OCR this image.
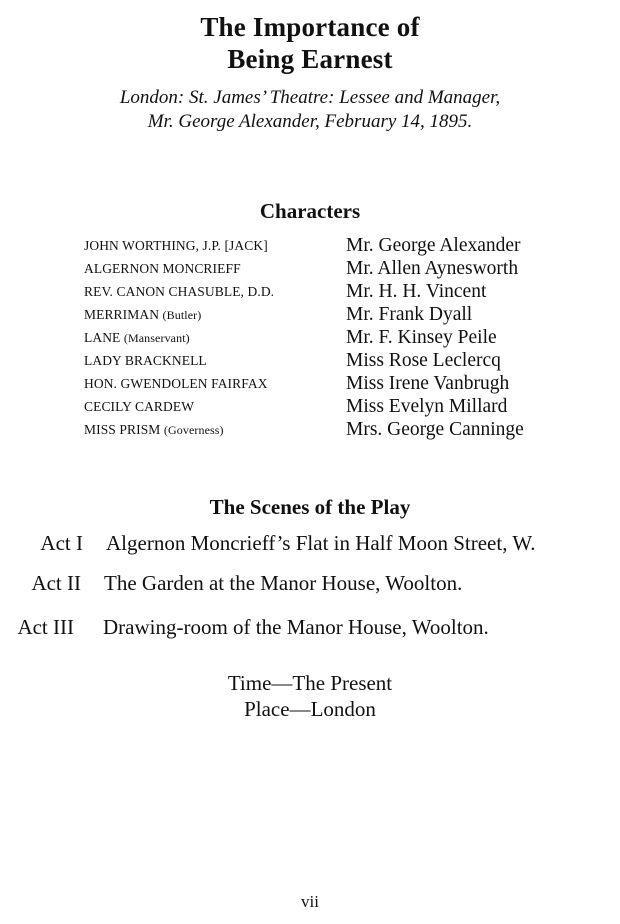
The Importance of
Being Earnest
London: St. James’ Theatre: Lessee and Manager,
Mr. George Alexander, February 14, 1895.
Characters
JOHN WORTHING, J.P. [JACK]	Mr. George Alexander
ALGERNON MONCRIEFF	Mr. Allen Aynesworth
REV. CANON CHASUBLE, D.D.	Mr. H. H. Vincent
MERRIMAN (Butler)	Mr. Frank Dyall
LANE (Manservant)	Mr. F. Kinsey Peile
LADY BRACKNELL	Miss Rose Leclercq
HON. GWENDOLEN FAIRFAX	Miss Irene Vanbrugh
CECILY CARDEW	Miss Evelyn Millard
MISS PRISM (Governess)	Mrs. George Canninge
The Scenes of the Play
Act I Algernon Moncrieff’s Flat in Half Moon Street, W.
Act II The Garden at the Manor House, Woolton.
Act III Drawing-room of the Manor House, Woolton.
Time—The Present
Place—London
vii
